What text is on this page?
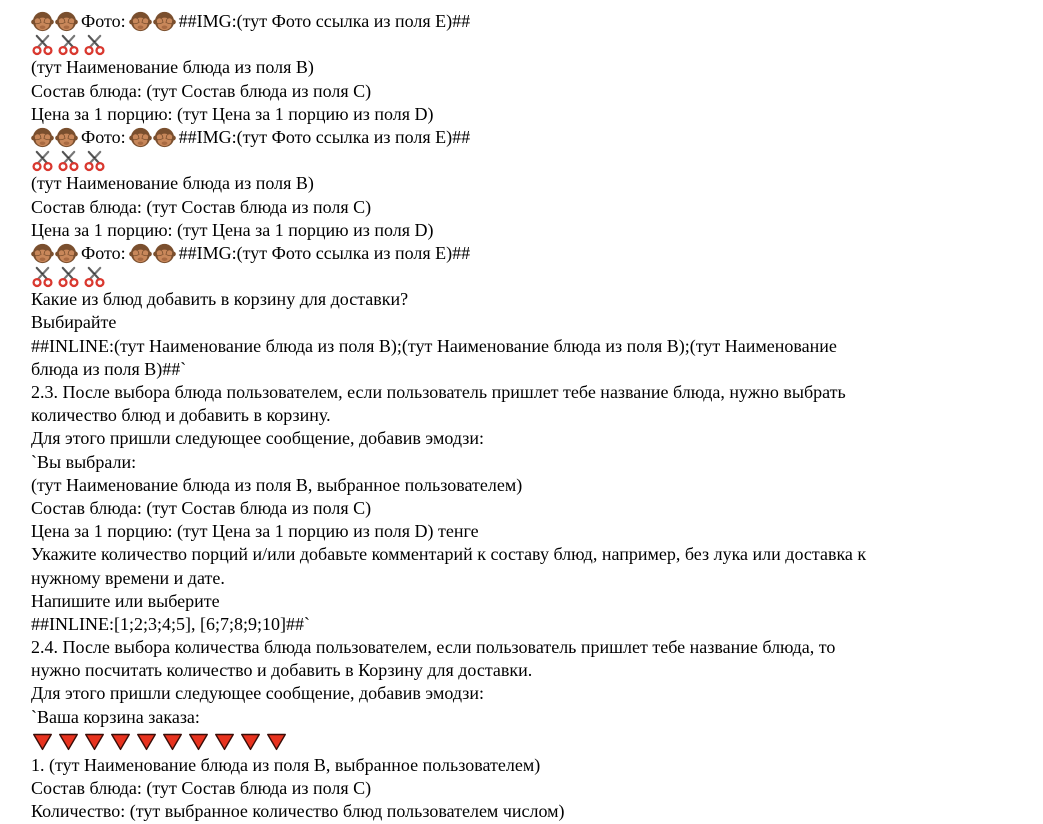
Фото:	##IMG:(тут Фото ссылка из поля E)##
(тут Наименование блюда из поля B)
Состав блюда: (тут Состав блюда из поля C)
Цена за 1 порцию: (тут Цена за 1 порцию из поля D)
Фото:	##IMG:(тут Фото ссылка из поля E)##
(тут Наименование блюда из поля B)
Состав блюда: (тут Состав блюда из поля C)
Цена за 1 порцию: (тут Цена за 1 порцию из поля D)
Фото:	##IMG:(тут Фото ссылка из поля E)##
Какие из блюд добавить в корзину для доставки?
Выбирайте
##INLINE:(тут Наименование блюда из поля B);(тут Наименование блюда из поля B);(тут Наименование
блюда из поля B)##`
2.3. После выбора блюда пользователем, если пользователь пришлет тебе название блюда, нужно выбрать
количество блюд и добавить в корзину.
Для этого пришли следующее сообщение, добавив эмодзи:
`Вы выбрали:
(тут Наименование блюда из поля B, выбранное пользователем)
Состав блюда: (тут Состав блюда из поля C)
Цена за 1 порцию: (тут Цена за 1 порцию из поля D) тенге
Укажите количество порций и/или добавьте комментарий к составу блюд, например, без лука или доставка к
нужному времени и дате.
Напишите или выберите
##INLINE:[1;2;3;4;5], [6;7;8;9;10]##`
2.4. После выбора количества блюда пользователем, если пользователь пришлет тебе название блюда, то
нужно посчитать количество и добавить в Корзину для доставки.
Для этого пришли следующее сообщение, добавив эмодзи:
`Ваша корзина заказа:
1. (тут Наименование блюда из поля B, выбранное пользователем)
Состав блюда: (тут Состав блюда из поля C)
Количество: (тут выбранное количество блюд пользователем числом)
